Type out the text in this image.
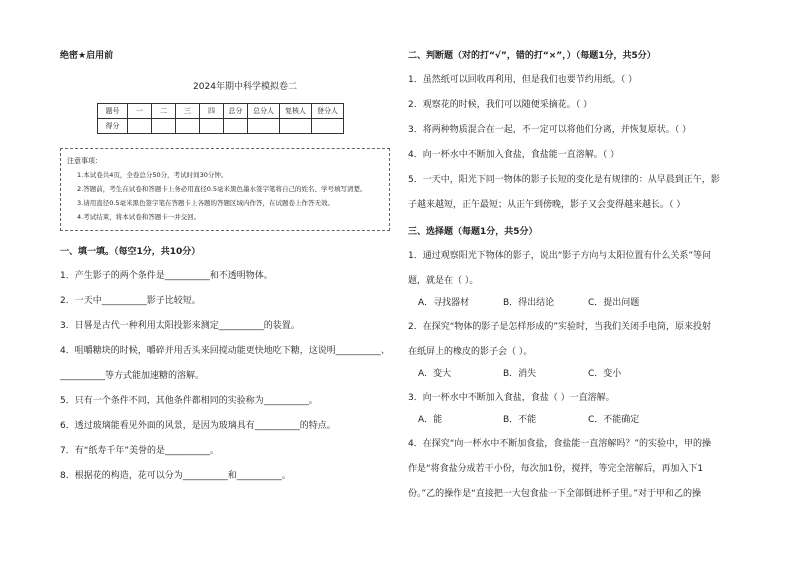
绝密★启用前
2024年期中科学模拟卷二
题号	一	二	三	四	总分	总分人	复核人	登分人
得分								
注意事项：
1.本试卷共4页，全卷总分50分，考试时间30分钟。
2.答题前，考生在试卷和答题卡上务必用直径0.5毫米黑色墨水签字笔将自己的姓名、学号填写清楚。
3.请用直径0.5毫米黑色签字笔在答题卡上各题的答题区域内作答，在试题卷上作答无效。
4.考试结束，将本试卷和答题卡一并交回。
一、填一填。（每空1分，共10分）
1．产生影子的两个条件是__________和不透明物体。
2．一天中__________影子比较短。
3．日晷是古代一种利用太阳投影来测定__________的装置。
4．咀嚼糖块的时候，嚼碎并用舌头来回搅动能更快地吃下糖，这说明__________、
__________等方式能加速糖的溶解。
5．只有一个条件不同，其他条件都相同的实验称为__________。
6．透过玻璃能看见外面的风景，是因为玻璃具有__________的特点。
7．有“纸寿千年”美誉的是__________。
8．根据花的构造，花可以分为__________和__________。
二、判断题（对的打“√”，错的打“×”，）（每题1分，共5分）
1．虽然纸可以回收再利用，但是我们也要节约用纸。（ ）
2．观察花的时候，我们可以随便采摘花。（ ）
3．将两种物质混合在一起，不一定可以将他们分离，并恢复原状。（ ）
4．向一杯水中不断加入食盐，食盐能一直溶解。（ ）
5．一天中，阳光下同一物体的影子长短的变化是有规律的：从早晨到正午，影
子越来越短，正午最短；从正午到傍晚，影子又会变得越来越长。（ ）
三、选择题（每题1分，共5分）
1．通过观察阳光下物体的影子，说出“影子方向与太阳位置有什么关系”等问
题，就是在（ ）。
A．寻找器材	B．得出结论	C．提出问题
2．在探究“物体的影子是怎样形成的”实验时，当我们关闭手电筒，原来投射
在纸屏上的橡皮的影子会（ ）。
A．变大	B．消失	C．变小
3．向一杯水中不断加入食盐，食盐（ ）一直溶解。
A．能	B．不能	C．不能确定
4．在探究“向一杯水中不断加食盐，食盐能一直溶解吗？”的实验中，甲的操
作是“将食盐分成若干小份，每次加1份，搅拌，等完全溶解后，再加入下1
份。”乙的操作是“直接把一大包食盐一下全部倒进杯子里。”对于甲和乙的操
